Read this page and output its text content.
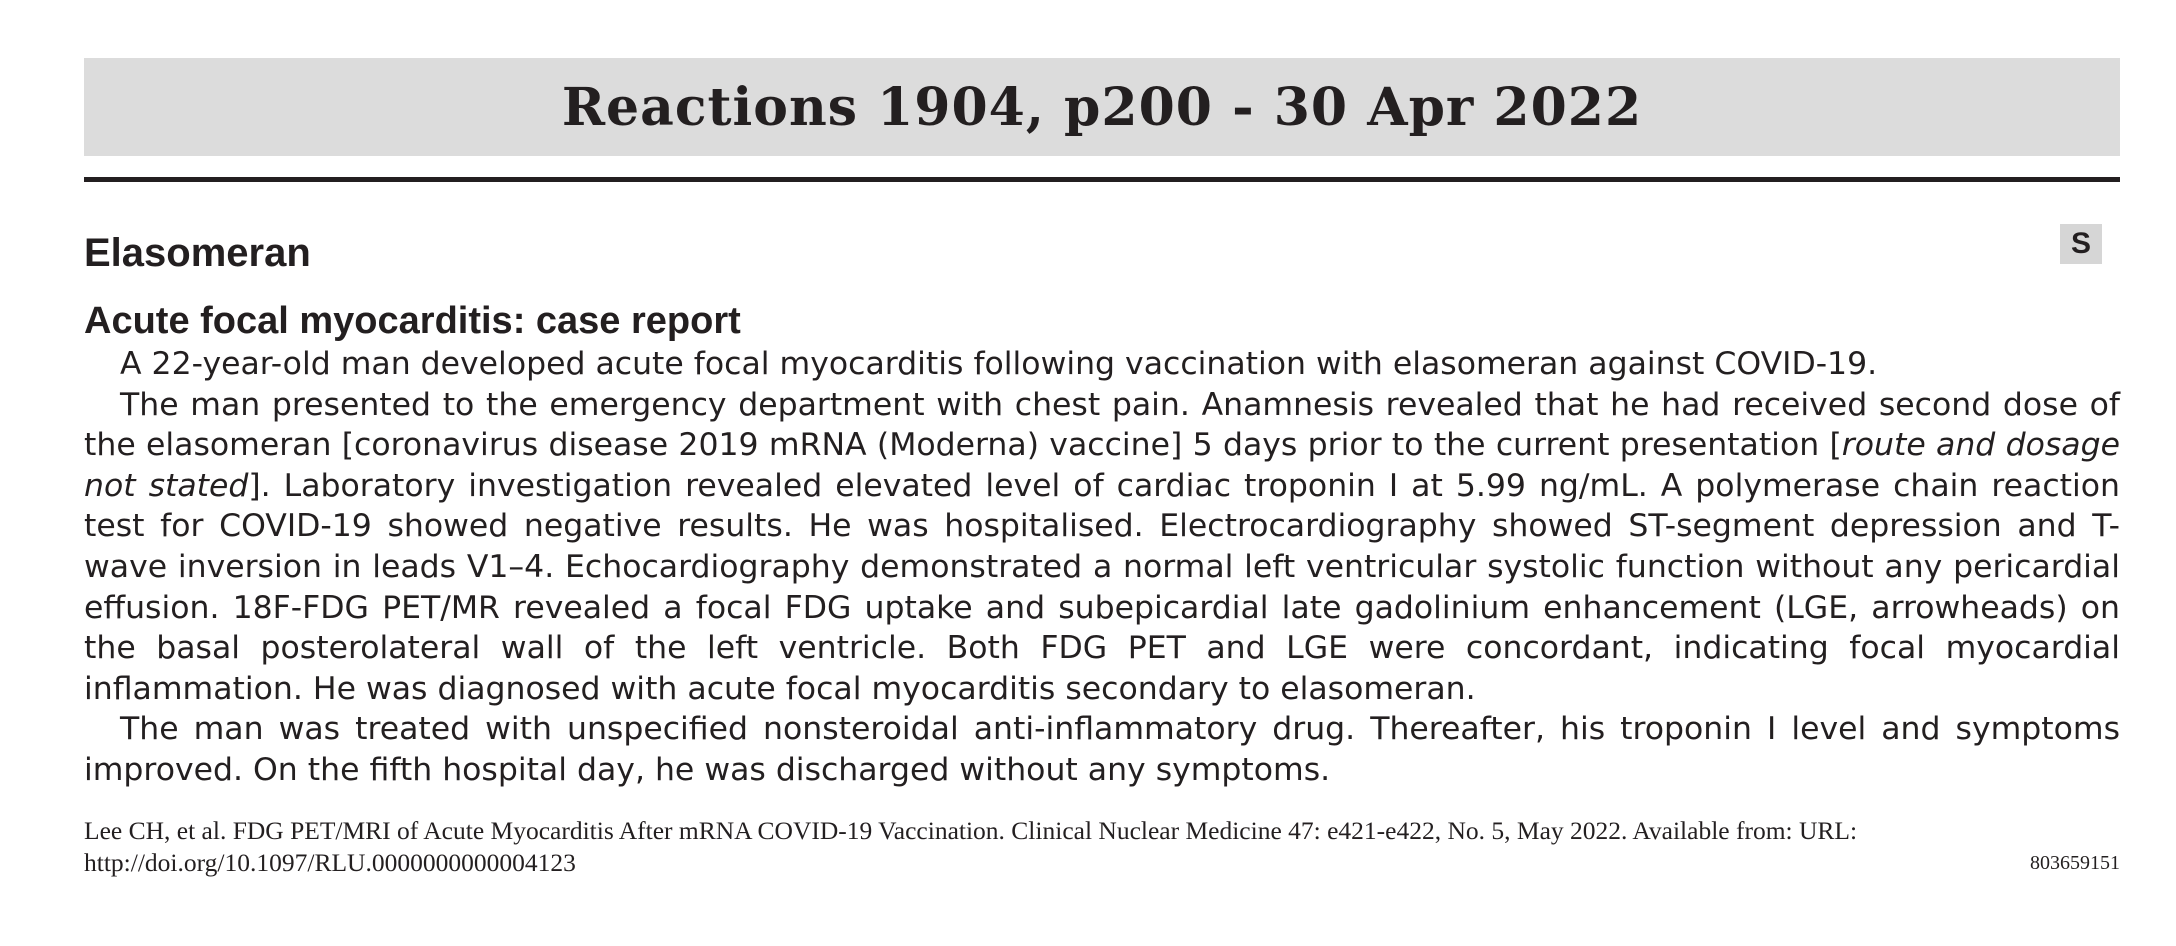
Reactions 1904, p200 - 30 Apr 2022
Elasomeran	S
Acute focal myocarditis: case report

A 22-year-old man developed acute focal myocarditis following vaccination with elasomeran against COVID-19.

The man presented to the emergency department with chest pain. Anamnesis revealed that he had received second dose of the elasomeran [coronavirus disease 2019 mRNA (Moderna) vaccine] 5 days prior to the current presentation [route and dosage not stated]. Laboratory investigation revealed elevated level of cardiac troponin I at 5.99 ng/mL. A polymerase chain reaction test for COVID-19 showed negative results. He was hospitalised. Electrocardiography showed ST-segment depression and T-wave inversion in leads V1–4. Echocardiography demonstrated a normal left ventricular systolic function without any pericardial effusion. 18F-FDG PET/MR revealed a focal FDG uptake and subepicardial late gadolinium enhancement (LGE, arrowheads) on the basal posterolateral wall of the left ventricle. Both FDG PET and LGE were concordant, indicating focal myocardial inflammation. He was diagnosed with acute focal myocarditis secondary to elasomeran.

The man was treated with unspecified nonsteroidal anti-inflammatory drug. Thereafter, his troponin I level and symptoms improved. On the fifth hospital day, he was discharged without any symptoms.

Lee CH, et al. FDG PET/MRI of Acute Myocarditis After mRNA COVID-19 Vaccination. Clinical Nuclear Medicine 47: e421-e422, No. 5, May 2022. Available from: URL:
http://doi.org/10.1097/RLU.0000000000004123	803659151
